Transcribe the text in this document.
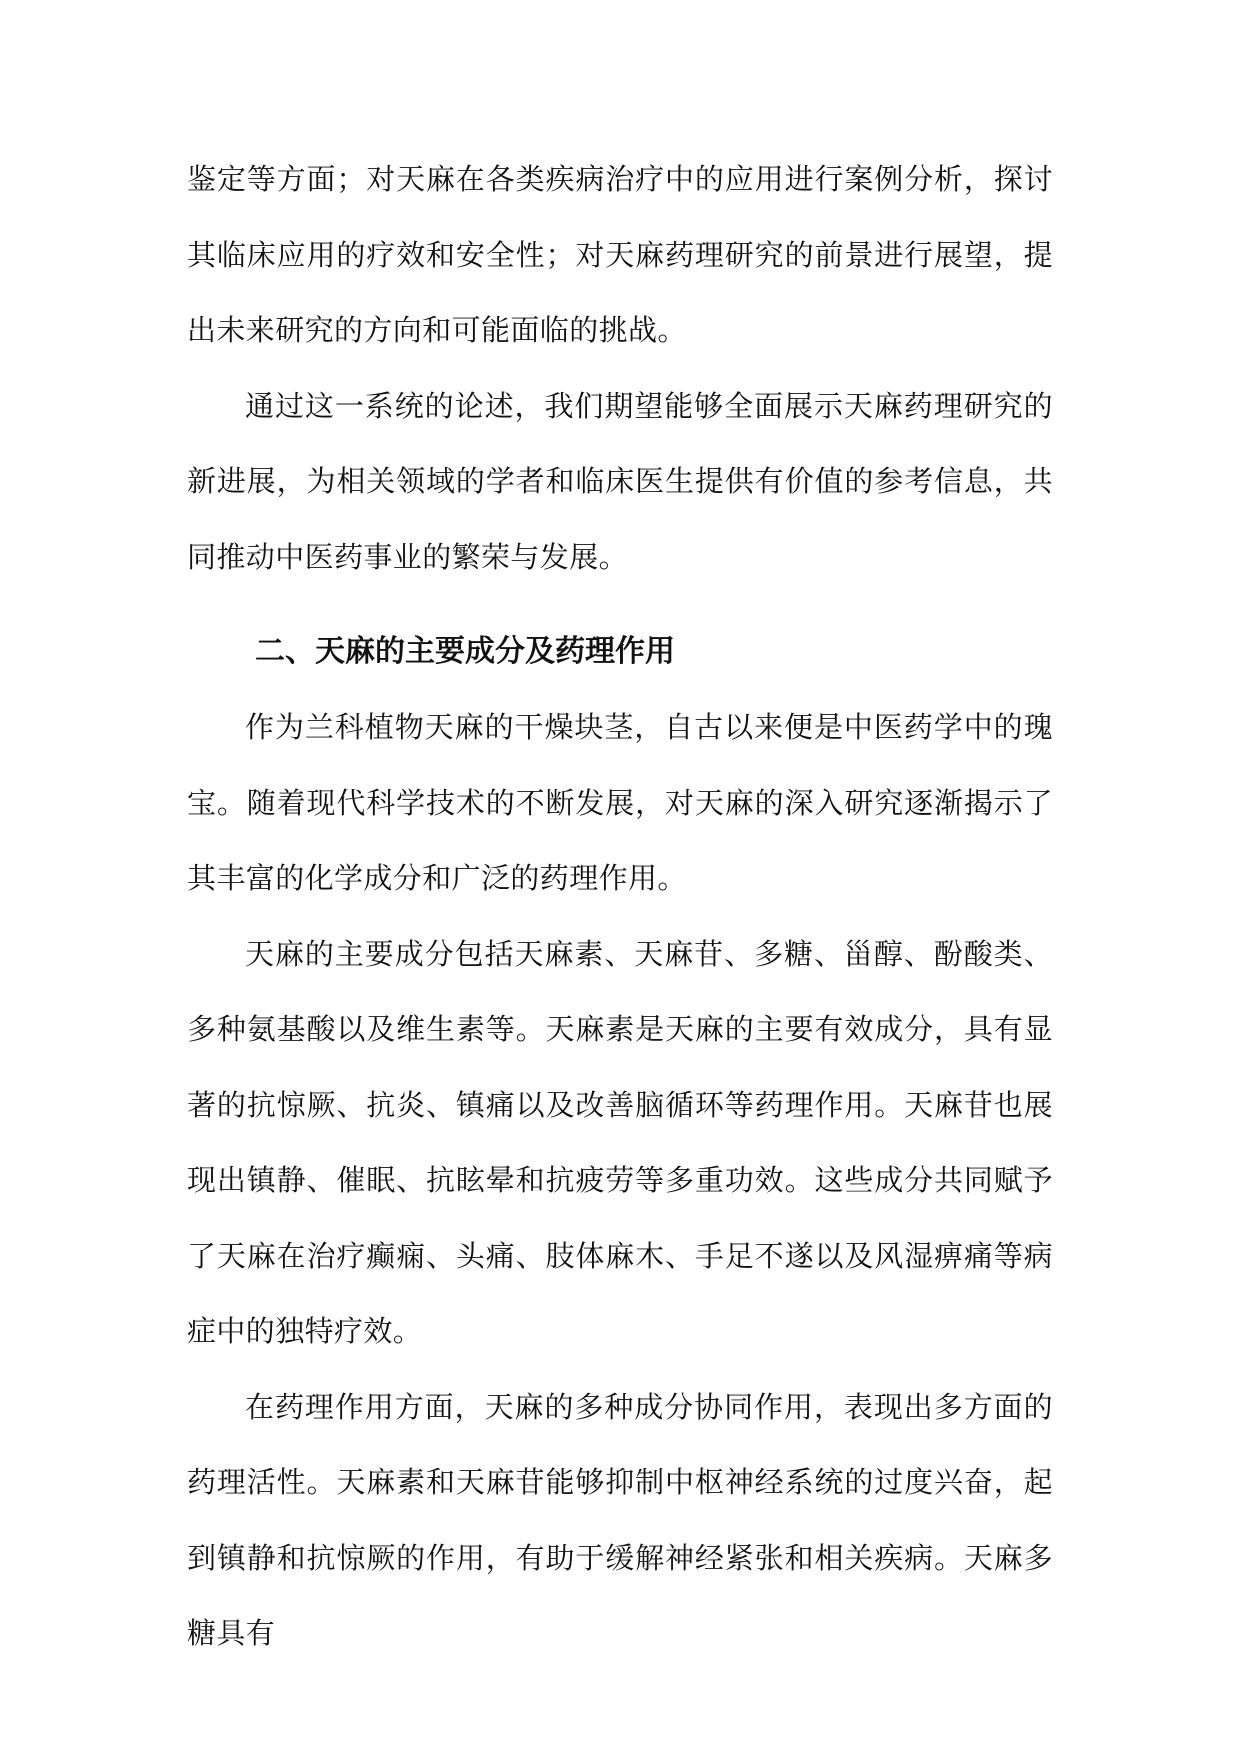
鉴定等方面；对天麻在各类疾病治疗中的应用进行案例分析，探讨其临床应用的疗效和安全性；对天麻药理研究的前景进行展望，提出未来研究的方向和可能面临的挑战。

通过这一系统的论述，我们期望能够全面展示天麻药理研究的新进展，为相关领域的学者和临床医生提供有价值的参考信息，共同推动中医药事业的繁荣与发展。

二、天麻的主要成分及药理作用

作为兰科植物天麻的干燥块茎，自古以来便是中医药学中的瑰宝。随着现代科学技术的不断发展，对天麻的深入研究逐渐揭示了其丰富的化学成分和广泛的药理作用。

天麻的主要成分包括天麻素、天麻苷、多糖、甾醇、酚酸类、多种氨基酸以及维生素等。天麻素是天麻的主要有效成分，具有显著的抗惊厥、抗炎、镇痛以及改善脑循环等药理作用。天麻苷也展现出镇静、催眠、抗眩晕和抗疲劳等多重功效。这些成分共同赋予了天麻在治疗癫痫、头痛、肢体麻木、手足不遂以及风湿痹痛等病症中的独特疗效。

在药理作用方面，天麻的多种成分协同作用，表现出多方面的药理活性。天麻素和天麻苷能够抑制中枢神经系统的过度兴奋，起到镇静和抗惊厥的作用，有助于缓解神经紧张和相关疾病。天麻多糖具有
